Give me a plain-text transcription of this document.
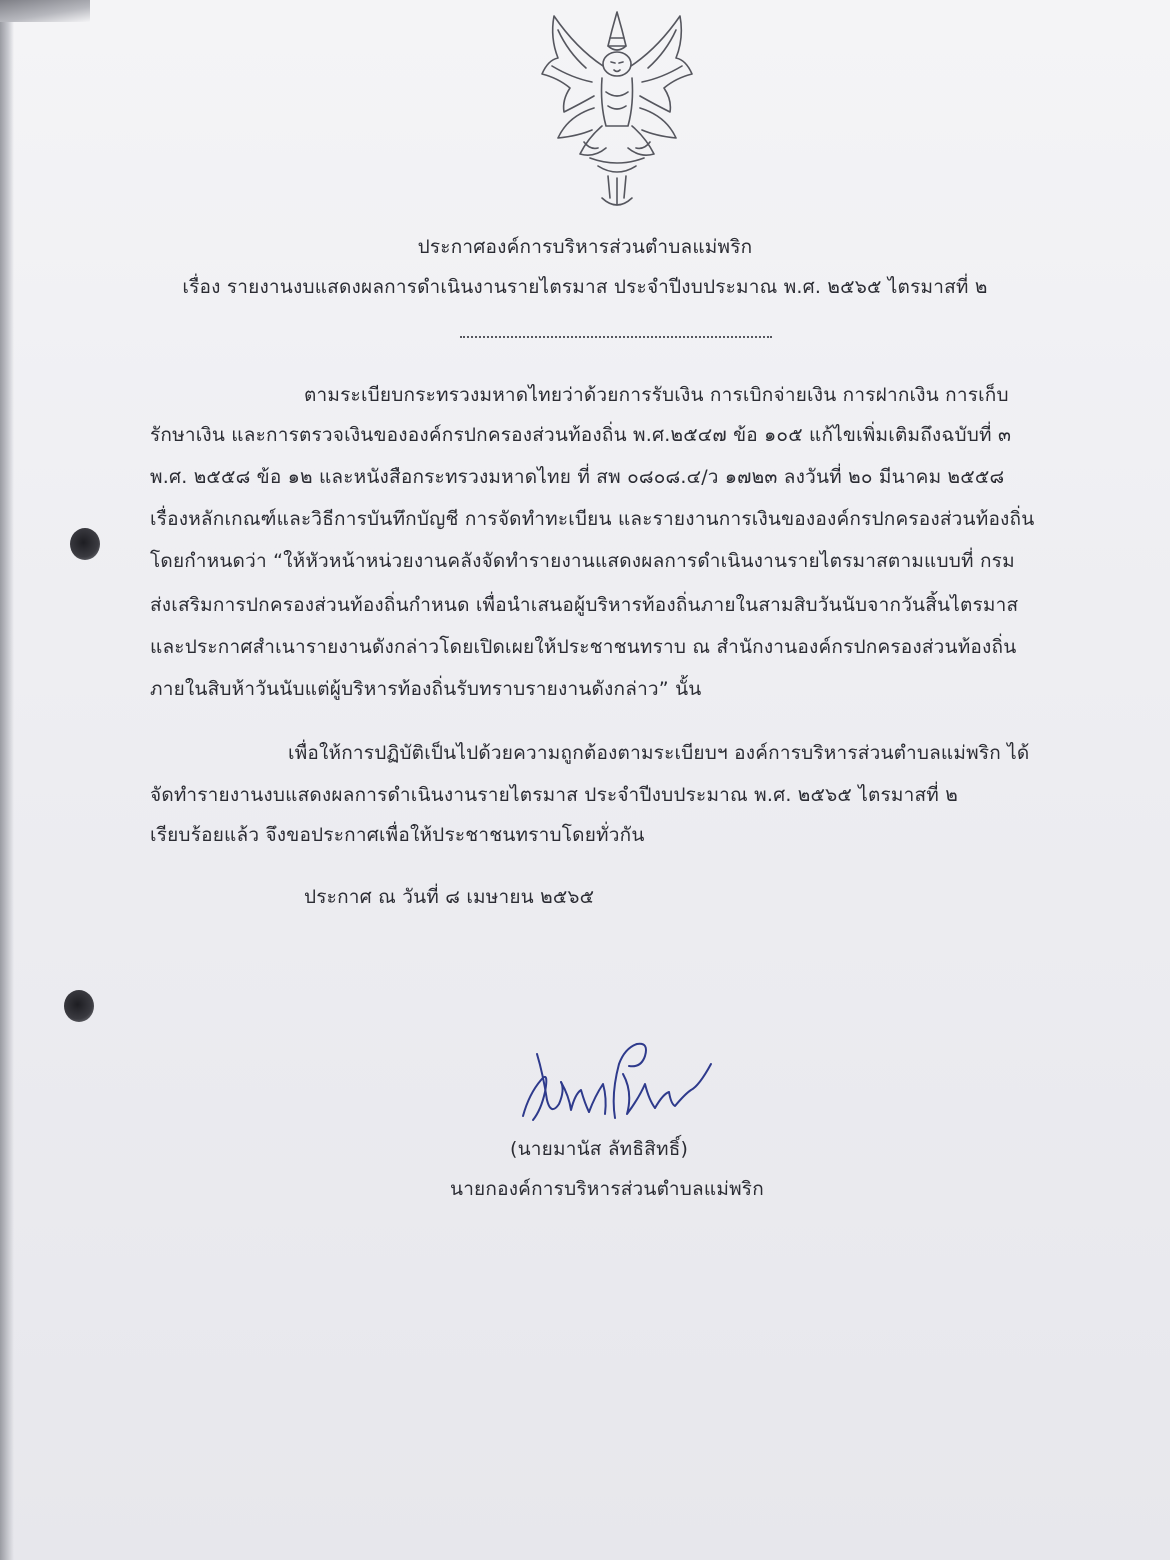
ประกาศองค์การบริหารส่วนตำบลแม่พริก

เรื่อง รายงานงบแสดงผลการดำเนินงานรายไตรมาส ประจำปีงบประมาณ พ.ศ. ๒๕๖๕ ไตรมาสที่ ๒

ตามระเบียบกระทรวงมหาดไทยว่าด้วยการรับเงิน การเบิกจ่ายเงิน การฝากเงิน การเก็บ

รักษาเงิน และการตรวจเงินขององค์กรปกครองส่วนท้องถิ่น พ.ศ.๒๕๔๗ ข้อ ๑๐๕ แก้ไขเพิ่มเติมถึงฉบับที่ ๓

พ.ศ. ๒๕๕๘ ข้อ ๑๒ และหนังสือกระทรวงมหาดไทย ที่ สพ ๐๘๐๘.๔/ว ๑๗๒๓ ลงวันที่ ๒๐ มีนาคม ๒๕๕๘

เรื่องหลักเกณฑ์และวิธีการบันทึกบัญชี การจัดทำทะเบียน และรายงานการเงินขององค์กรปกครองส่วนท้องถิ่น

โดยกำหนดว่า “ให้หัวหน้าหน่วยงานคลังจัดทำรายงานแสดงผลการดำเนินงานรายไตรมาสตามแบบที่ กรม

ส่งเสริมการปกครองส่วนท้องถิ่นกำหนด เพื่อนำเสนอผู้บริหารท้องถิ่นภายในสามสิบวันนับจากวันสิ้นไตรมาส

และประกาศสำเนารายงานดังกล่าวโดยเปิดเผยให้ประชาชนทราบ ณ สำนักงานองค์กรปกครองส่วนท้องถิ่น

ภายในสิบห้าวันนับแต่ผู้บริหารท้องถิ่นรับทราบรายงานดังกล่าว” นั้น

เพื่อให้การปฏิบัติเป็นไปด้วยความถูกต้องตามระเบียบฯ องค์การบริหารส่วนตำบลแม่พริก ได้

จัดทำรายงานงบแสดงผลการดำเนินงานรายไตรมาส ประจำปีงบประมาณ พ.ศ. ๒๕๖๕ ไตรมาสที่ ๒

เรียบร้อยแล้ว จึงขอประกาศเพื่อให้ประชาชนทราบโดยทั่วกัน

ประกาศ ณ วันที่ ๘ เมษายน ๒๕๖๕

(นายมานัส ลัทธิสิทธิ์)

นายกองค์การบริหารส่วนตำบลแม่พริก
